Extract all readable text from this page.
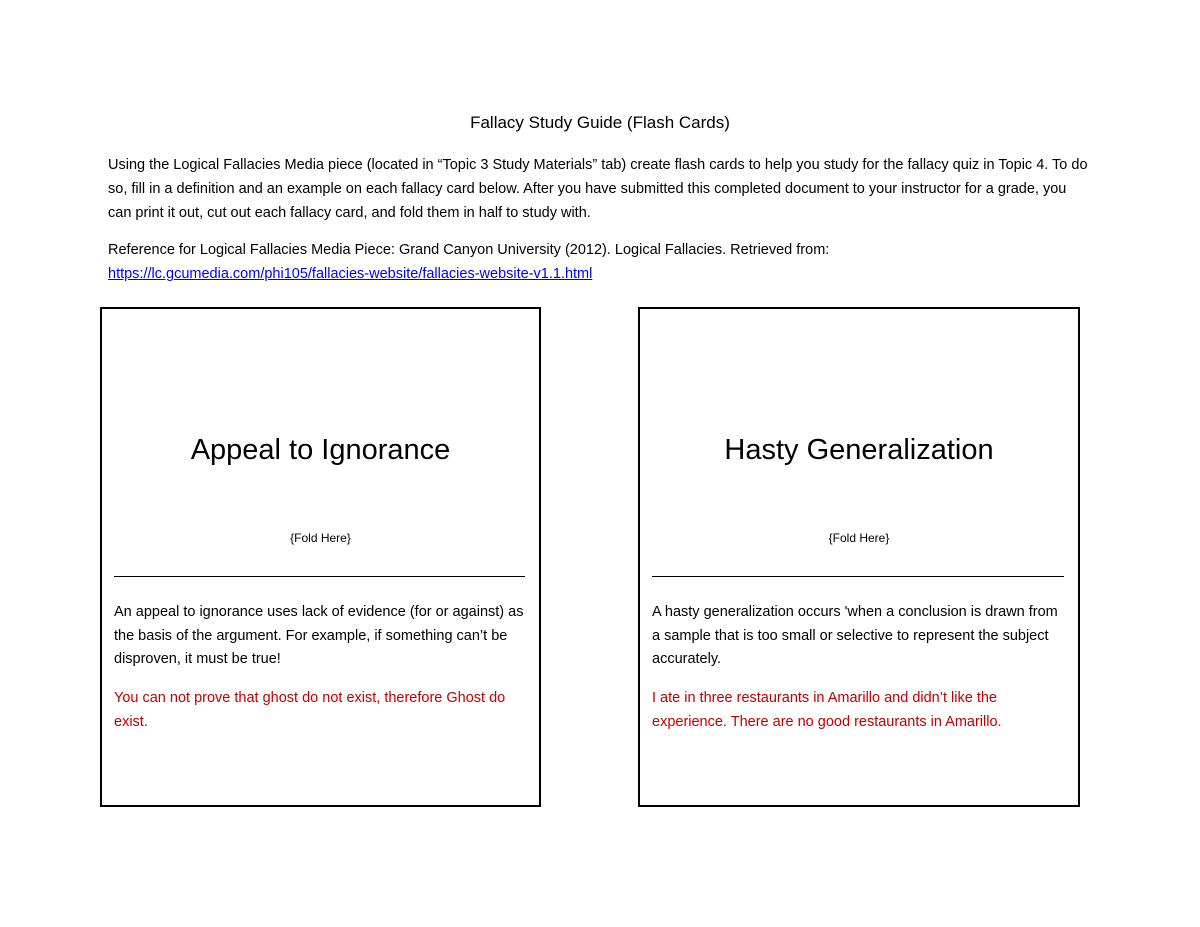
Fallacy Study Guide (Flash Cards)

Using the Logical Fallacies Media piece (located in “Topic 3 Study Materials” tab) create flash cards to help you study for the fallacy quiz in Topic 4. To do so, fill in a definition and an example on each fallacy card below. After you have submitted this completed document to your instructor for a grade, you can print it out, cut out each fallacy card, and fold them in half to study with.

Reference for Logical Fallacies Media Piece: Grand Canyon University (2012). Logical Fallacies. Retrieved from:
https://lc.gcumedia.com/phi105/fallacies-website/fallacies-website-v1.1.html

Appeal to Ignorance
{Fold Here}

An appeal to ignorance uses lack of evidence (for or against) as the basis of the argument. For example, if something can’t be disproven, it must be true!

You can not prove that ghost do not exist, therefore Ghost do exist.

Hasty Generalization
{Fold Here}

A hasty generalization occurs 'when a conclusion is drawn from a sample that is too small or selective to represent the subject accurately.

I ate in three restaurants in Amarillo and didn’t like the experience. There are no good restaurants in Amarillo.
